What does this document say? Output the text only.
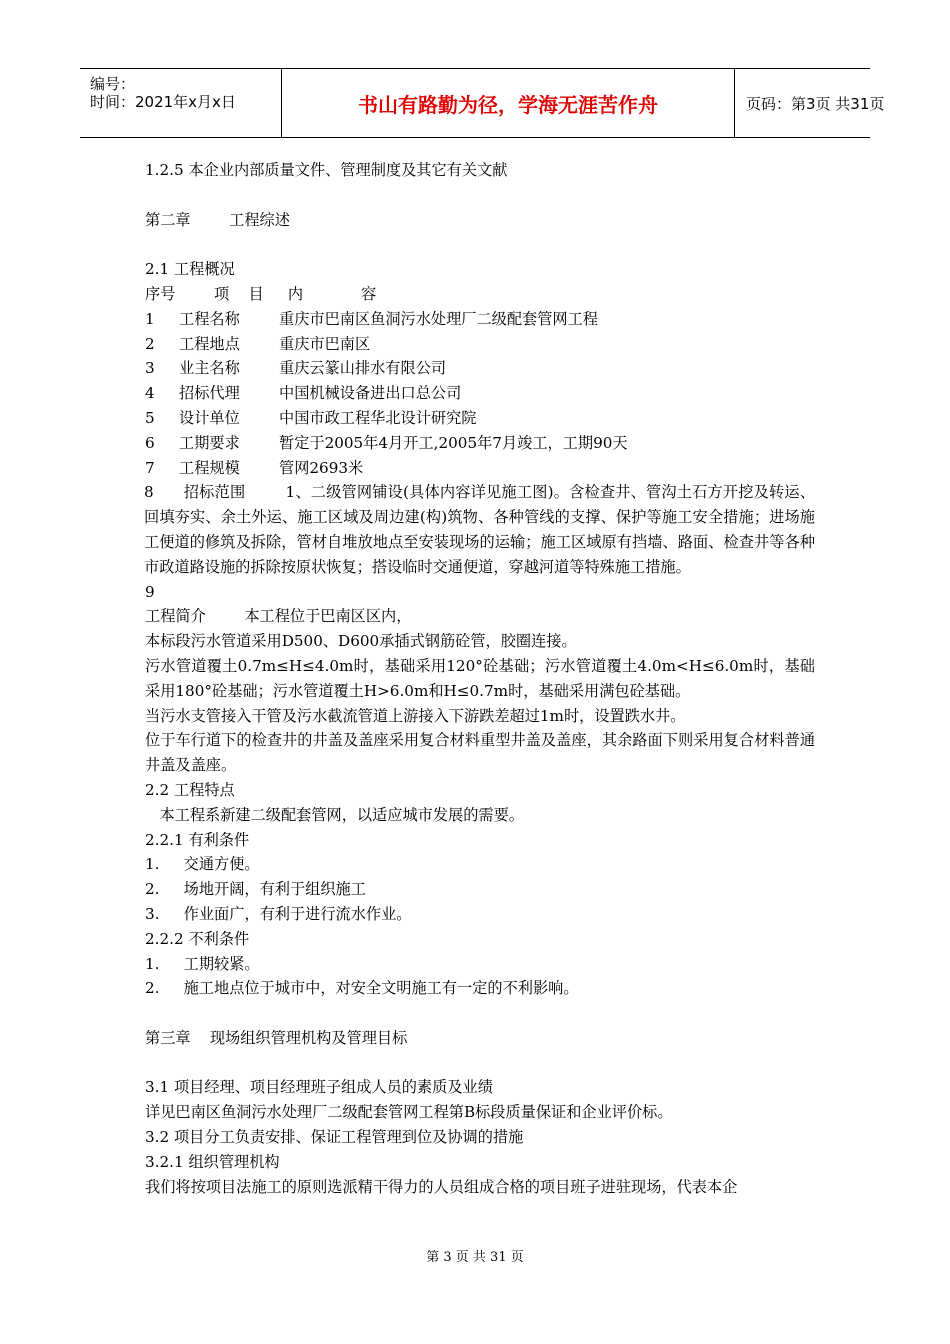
编号：
时间：2021年x月x日	书山有路勤为径，学海无涯苦作舟	页码：第3页 共31页

1.2.5 本企业内部质量文件、管理制度及其它有关文献

第二章        工程综述

2.1 工程概况

序号        项    目     内            容

1	工程名称	重庆市巴南区鱼洞污水处理厂二级配套管网工程
2	工程地点	重庆市巴南区
3	业主名称	重庆云篆山排水有限公司
4	招标代理	中国机械设备进出口总公司
5	设计单位	中国市政工程华北设计研究院
6	工期要求	暂定于2005年4月开工,2005年7月竣工，工期90天
7	工程规模	管网2693米

8      招标范围        1、二级管网铺设(具体内容详见施工图)。含检查井、管沟土石方开挖及转运、回填夯实、余土外运、施工区域及周边建(构)筑物、各种管线的支撑、保护等施工安全措施；进场施工便道的修筑及拆除，管材自堆放地点至安装现场的运输；施工区域原有挡墙、路面、检查井等各种市政道路设施的拆除按原状恢复；搭设临时交通便道，穿越河道等特殊施工措施。

9

工程简介        本工程位于巴南区区内，

本标段污水管道采用D500、D600承插式钢筋砼管，胶圈连接。

污水管道覆土0.7m≤H≤4.0m时，基础采用120°砼基础；污水管道覆土4.0m<H≤6.0m时，基础采用180°砼基础；污水管道覆土H>6.0m和H≤0.7m时，基础采用满包砼基础。

当污水支管接入干管及污水截流管道上游接入下游跌差超过1m时，设置跌水井。

位于车行道下的检查井的井盖及盖座采用复合材料重型井盖及盖座，其余路面下则采用复合材料普通井盖及盖座。

2.2 工程特点

本工程系新建二级配套管网，以适应城市发展的需要。

2.2.1 有利条件

1.     交通方便。

2.     场地开阔，有利于组织施工

3.     作业面广，有利于进行流水作业。

2.2.2 不利条件

1.     工期较紧。

2.     施工地点位于城市中，对安全文明施工有一定的不利影响。

第三章    现场组织管理机构及管理目标

3.1 项目经理、项目经理班子组成人员的素质及业绩

详见巴南区鱼洞污水处理厂二级配套管网工程第B标段质量保证和企业评价标。

3.2 项目分工负责安排、保证工程管理到位及协调的措施

3.2.1 组织管理机构

我们将按项目法施工的原则选派精干得力的人员组成合格的项目班子进驻现场，代表本企

第 3 页 共 31 页
